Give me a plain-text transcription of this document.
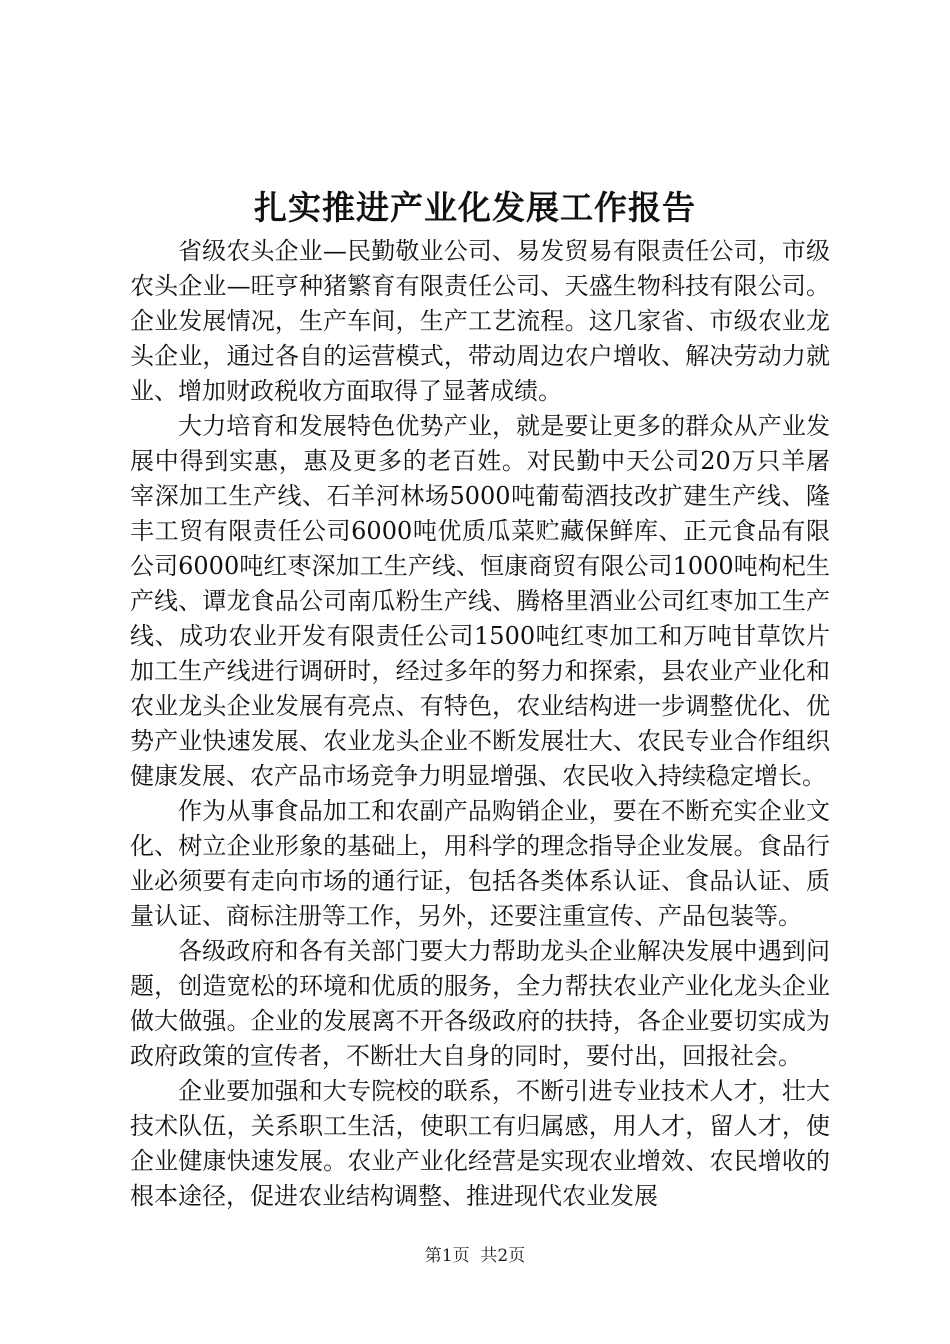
扎实推进产业化发展工作报告

省级农头企业—民勤敬业公司、易发贸易有限责任公司，市级农头企业—旺亨种猪繁育有限责任公司、天盛生物科技有限公司。企业发展情况，生产车间，生产工艺流程。这几家省、市级农业龙头企业，通过各自的运营模式，带动周边农户增收、解决劳动力就业、增加财政税收方面取得了显著成绩。

大力培育和发展特色优势产业，就是要让更多的群众从产业发展中得到实惠，惠及更多的老百姓。对民勤中天公司20万只羊屠宰深加工生产线、石羊河林场5000吨葡萄酒技改扩建生产线、隆丰工贸有限责任公司6000吨优质瓜菜贮藏保鲜库、正元食品有限公司6000吨红枣深加工生产线、恒康商贸有限公司1000吨枸杞生产线、谭龙食品公司南瓜粉生产线、腾格里酒业公司红枣加工生产线、成功农业开发有限责任公司1500吨红枣加工和万吨甘草饮片加工生产线进行调研时，经过多年的努力和探索，县农业产业化和农业龙头企业发展有亮点、有特色，农业结构进一步调整优化、优势产业快速发展、农业龙头企业不断发展壮大、农民专业合作组织健康发展、农产品市场竞争力明显增强、农民收入持续稳定增长。

作为从事食品加工和农副产品购销企业，要在不断充实企业文化、树立企业形象的基础上，用科学的理念指导企业发展。食品行业必须要有走向市场的通行证，包括各类体系认证、食品认证、质量认证、商标注册等工作，另外，还要注重宣传、产品包装等。

各级政府和各有关部门要大力帮助龙头企业解决发展中遇到问题，创造宽松的环境和优质的服务，全力帮扶农业产业化龙头企业做大做强。企业的发展离不开各级政府的扶持，各企业要切实成为政府政策的宣传者，不断壮大自身的同时，要付出，回报社会。

企业要加强和大专院校的联系，不断引进专业技术人才，壮大技术队伍，关系职工生活，使职工有归属感，用人才，留人才，使企业健康快速发展。农业产业化经营是实现农业增效、农民增收的根本途径，促进农业结构调整、推进现代农业发展

第1页  共2页
